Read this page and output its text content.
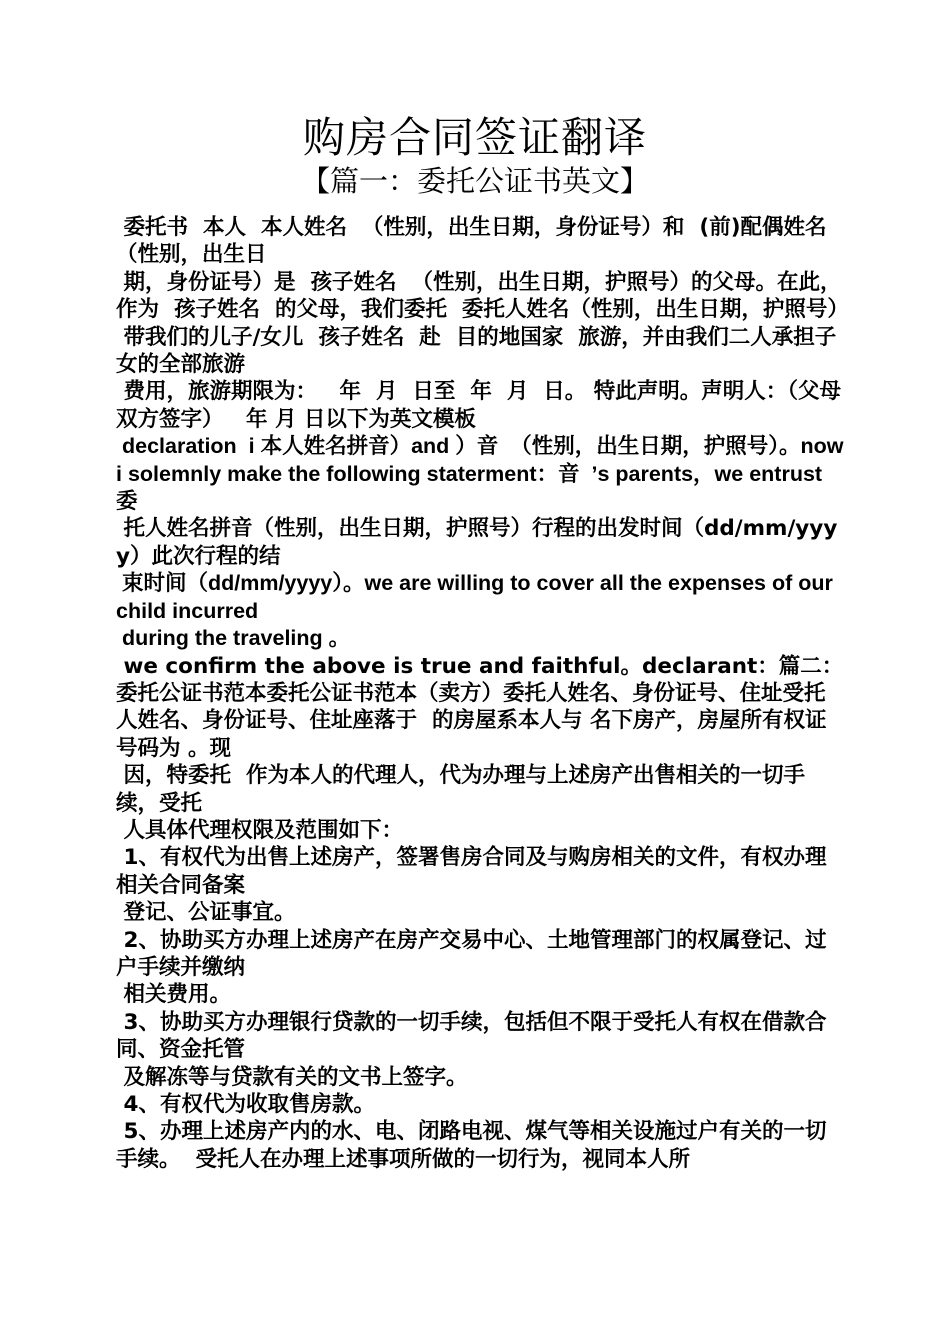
购房合同签证翻译
【篇一：委托公证书英文】

委托书  本人  本人姓名  （性别，出生日期，身份证号）和  (前)配偶姓名  （性别，出生日

期，身份证号）是  孩子姓名  （性别，出生日期，护照号）的父母。在此，作为  孩子姓名  的父母，我们委托  委托人姓名（性别，出生日期，护照号）

带我们的儿子/女儿  孩子姓名  赴  目的地国家  旅游，并由我们二人承担子女的全部旅游

费用，旅游期限为：   年  月  日至  年  月  日。 特此声明。声明人：（父母双方签字）   年 月 日以下为英文模板

declaration  i 本人姓名拼音）and ）音  （性别，出生日期，护照号）。now i solemnly make the following staterment：音  ’s parents，we entrust  委

托人姓名拼音（性别，出生日期，护照号）行程的出发时间（dd/mm/yyyy）此次行程的结

束时间（dd/mm/yyyy）。we are willing to cover all the expenses of our child incurred

during the traveling 。

we confirm the above is true and faithful。declarant：篇二：委托公证书范本委托公证书范本（卖方）委托人姓名、身份证号、住址受托人姓名、身份证号、住址座落于  的房屋系本人与 名下房产，房屋所有权证号码为 。现

因，特委托  作为本人的代理人，代为办理与上述房产出售相关的一切手续，受托

人具体代理权限及范围如下：

1、有权代为出售上述房产，签署售房合同及与购房相关的文件，有权办理相关合同备案

登记、公证事宜。

2、协助买方办理上述房产在房产交易中心、土地管理部门的权属登记、过户手续并缴纳

相关费用。

3、协助买方办理银行贷款的一切手续，包括但不限于受托人有权在借款合同、资金托管

及解冻等与贷款有关的文书上签字。

4、有权代为收取售房款。

5、办理上述房产内的水、电、闭路电视、煤气等相关设施过户有关的一切手续。  受托人在办理上述事项所做的一切行为，视同本人所
